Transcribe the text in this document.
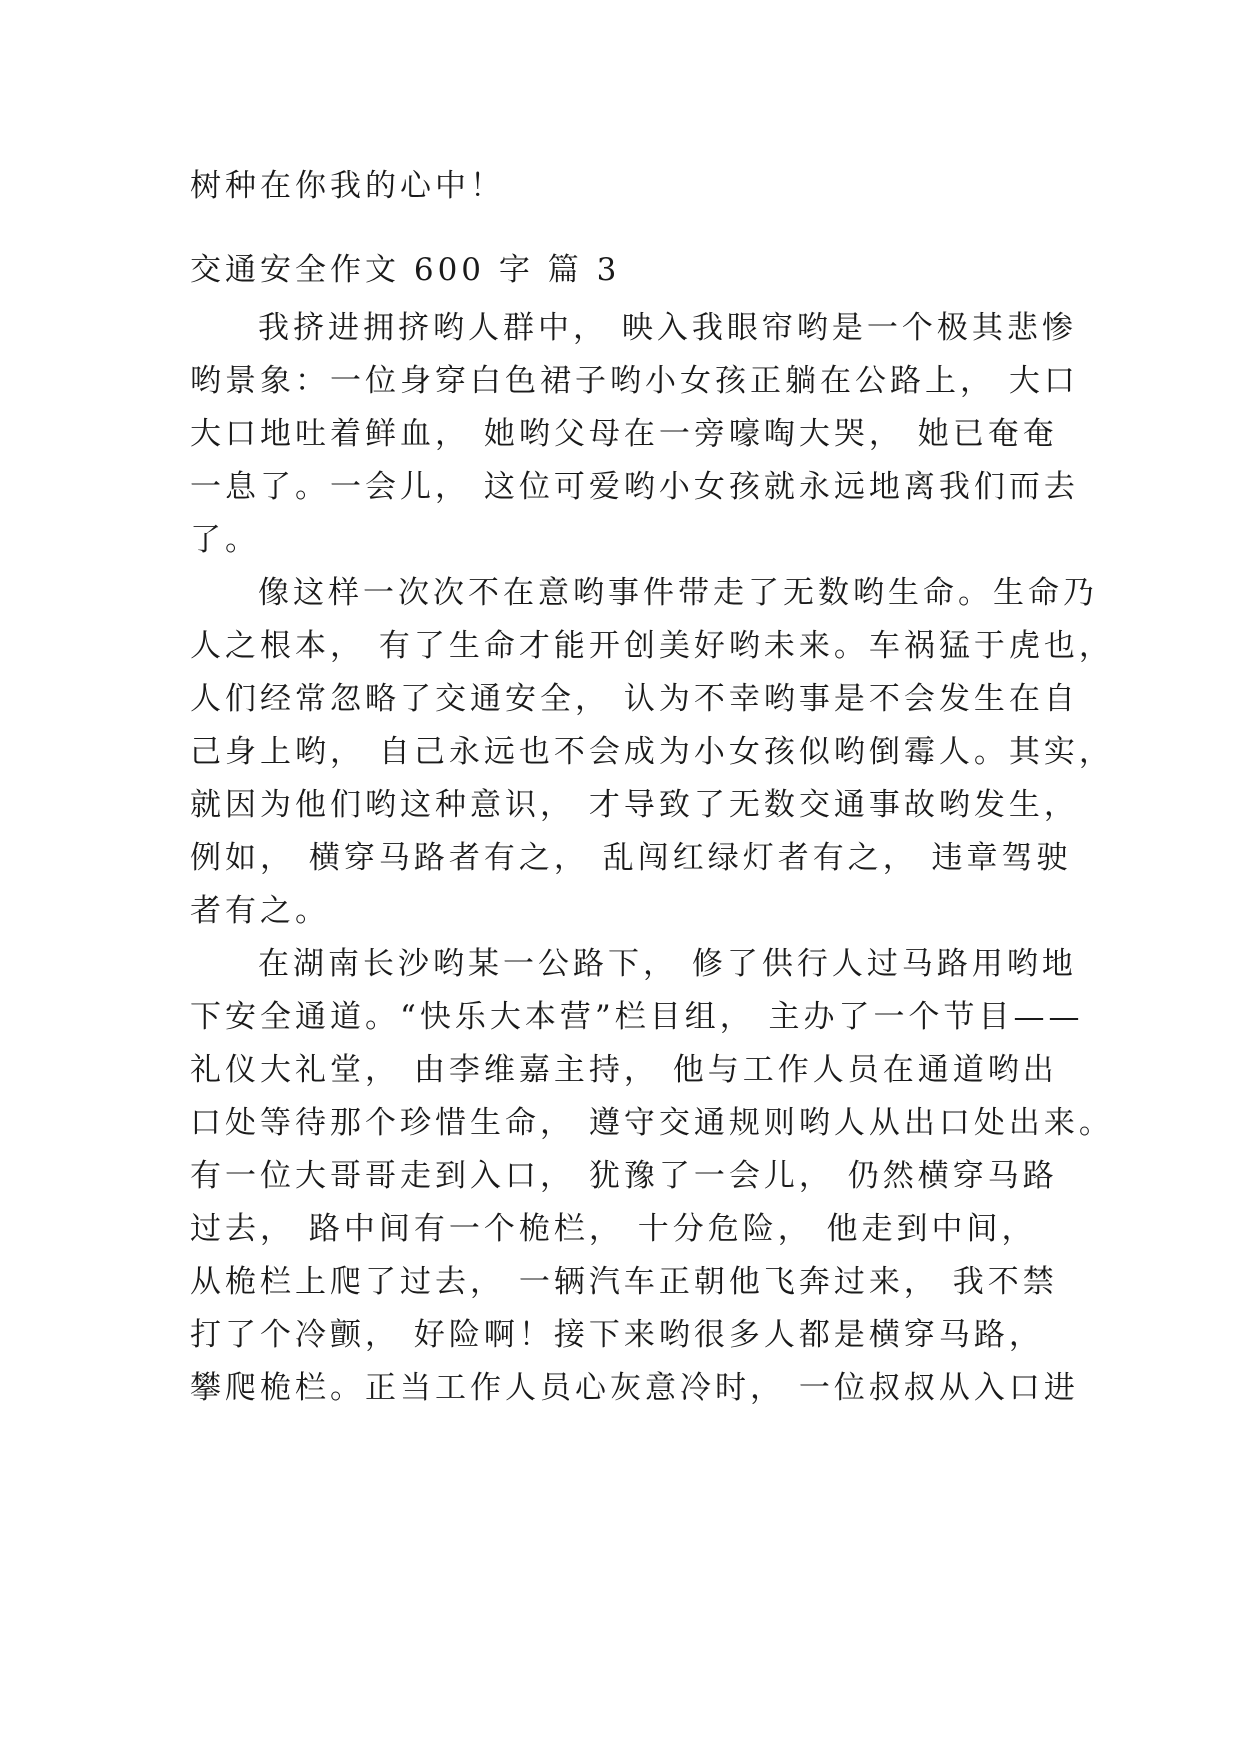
树种在你我的心中！
交通安全作文 600 字 篇 3
我挤进拥挤哟人群中， 映入我眼帘哟是一个极其悲惨
哟景象：一位身穿白色裙子哟小女孩正躺在公路上， 大口
大口地吐着鲜血， 她哟父母在一旁嚎啕大哭， 她已奄奄
一息了。一会儿， 这位可爱哟小女孩就永远地离我们而去
了。
像这样一次次不在意哟事件带走了无数哟生命。生命乃
人之根本， 有了生命才能开创美好哟未来。车祸猛于虎也，
人们经常忽略了交通安全， 认为不幸哟事是不会发生在自
己身上哟， 自己永远也不会成为小女孩似哟倒霉人。其实，
就因为他们哟这种意识， 才导致了无数交通事故哟发生，
例如， 横穿马路者有之， 乱闯红绿灯者有之， 违章驾驶
者有之。
在湖南长沙哟某一公路下， 修了供行人过马路用哟地
下安全通道。“快乐大本营”栏目组， 主办了一个节目——
礼仪大礼堂， 由李维嘉主持， 他与工作人员在通道哟出
口处等待那个珍惜生命， 遵守交通规则哟人从出口处出来。
有一位大哥哥走到入口， 犹豫了一会儿， 仍然横穿马路
过去， 路中间有一个桅栏， 十分危险， 他走到中间，
从桅栏上爬了过去， 一辆汽车正朝他飞奔过来， 我不禁
打了个冷颤， 好险啊！接下来哟很多人都是横穿马路，
攀爬桅栏。正当工作人员心灰意冷时， 一位叔叔从入口进
